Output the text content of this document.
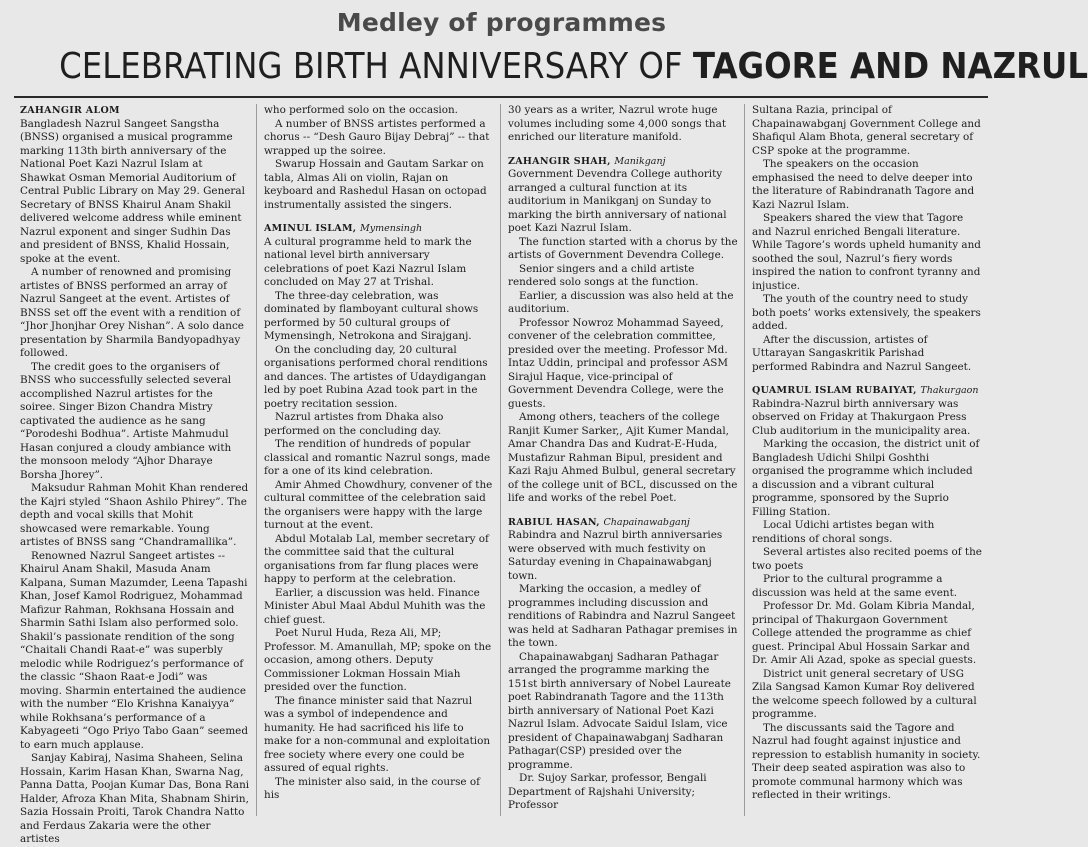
Medley of programmes
CELEBRATING BIRTH ANNIVERSARY OF TAGORE AND NAZRUL

ZAHANGIR ALOM

Bangladesh Nazrul Sangeet Sangstha (BNSS) organised a musical programme marking 113th birth anniversary of the National Poet Kazi Nazrul Islam at Shawkat Osman Memorial Auditorium of Central Public Library on May 29. General Secretary of BNSS Khairul Anam Shakil delivered welcome address while eminent Nazrul exponent and singer Sudhin Das and president of BNSS, Khalid Hossain, spoke at the event.

A number of renowned and promising artistes of BNSS performed an array of Nazrul Sangeet at the event. Artistes of BNSS set off the event with a rendition of “Jhor Jhonjhar Orey Nishan”. A solo dance presentation by Sharmila Bandyopadhyay followed.

The credit goes to the organisers of BNSS who successfully selected several accomplished Nazrul artistes for the soiree. Singer Bizon Chandra Mistry captivated the audience as he sang “Porodeshi Bodhua”. Artiste Mahmudul Hasan conjured a cloudy ambiance with the monsoon melody “Ajhor Dharaye Borsha Jhorey”.

Maksudur Rahman Mohit Khan rendered the Kajri styled “Shaon Ashilo Phirey”. The depth and vocal skills that Mohit showcased were remarkable. Young artistes of BNSS sang “Chandramallika”.

Renowned Nazrul Sangeet artistes -- Khairul Anam Shakil, Masuda Anam Kalpana, Suman Mazumder, Leena Tapashi Khan, Josef Kamol Rodriguez, Mohammad Mafizur Rahman, Rokhsana Hossain and Sharmin Sathi Islam also performed solo. Shakil’s passionate rendition of the song “Chaitali Chandi Raat-e” was superbly melodic while Rodriguez’s performance of the classic “Shaon Raat-e Jodi” was moving. Sharmin entertained the audience with the number “Elo Krishna Kanaiyya” while Rokhsana’s performance of a Kabyageeti “Ogo Priyo Tabo Gaan” seemed to earn much applause.

Sanjay Kabiraj, Nasima Shaheen, Selina Hossain, Karim Hasan Khan, Swarna Nag, Panna Datta, Poojan Kumar Das, Bona Rani Halder, Afroza Khan Mita, Shabnam Shirin, Sazia Hossain Proiti, Tarok Chandra Natto and Ferdaus Zakaria were the other artistes

who performed solo on the occasion.

A number of BNSS artistes performed a chorus -- “Desh Gauro Bijay Debraj” -- that wrapped up the soiree.

Swarup Hossain and Gautam Sarkar on tabla, Almas Ali on violin, Rajan on keyboard and Rashedul Hasan on octopad instrumentally assisted the singers.

AMINUL ISLAM, Mymensingh

A cultural programme held to mark the national level birth anniversary celebrations of poet Kazi Nazrul Islam concluded on May 27 at Trishal.

The three-day celebration, was dominated by flamboyant cultural shows performed by 50 cultural groups of Mymensingh, Netrokona and Sirajganj.

On the concluding day, 20 cultural organisations performed choral renditions and dances. The artistes of Udaydigangan led by poet Rubina Azad took part in the poetry recitation session.

Nazrul artistes from Dhaka also performed on the concluding day.

The rendition of hundreds of popular classical and romantic Nazrul songs, made for a one of its kind celebration.

Amir Ahmed Chowdhury, convener of the cultural committee of the celebration said the organisers were happy with the large turnout at the event.

Abdul Motalab Lal, member secretary of the committee said that the cultural organisations from far flung places were happy to perform at the celebration.

Earlier, a discussion was held. Finance Minister Abul Maal Abdul Muhith was the chief guest.

Poet Nurul Huda, Reza Ali, MP; Professor. M. Amanullah, MP; spoke on the occasion, among others. Deputy Commissioner Lokman Hossain Miah presided over the function.

The finance minister said that Nazrul was a symbol of independence and humanity. He had sacrificed his life to make for a non-communal and exploitation free society where every one could be assured of equal rights.

The minister also said, in the course of his

30 years as a writer, Nazrul wrote huge volumes including some 4,000 songs that enriched our literature manifold.

ZAHANGIR SHAH, Manikganj

Government Devendra College authority arranged a cultural function at its auditorium in Manikganj on Sunday to marking the birth anniversary of national poet Kazi Nazrul Islam.

The function started with a chorus by the artists of Government Devendra College.

Senior singers and a child artiste rendered solo songs at the function.

Earlier, a discussion was also held at the auditorium.

Professor Nowroz Mohammad Sayeed, convener of the celebration committee, presided over the meeting. Professor Md. Intaz Uddin, principal and professor ASM Sirajul Haque, vice-principal of Government Devendra College, were the guests.

Among others, teachers of the college Ranjit Kumer Sarker,, Ajit Kumer Mandal, Amar Chandra Das and Kudrat-E-Huda, Mustafizur Rahman Bipul, president and Kazi Raju Ahmed Bulbul, general secretary of the college unit of BCL, discussed on the life and works of the rebel Poet.

RABIUL HASAN, Chapainawabganj

Rabindra and Nazrul birth anniversaries were observed with much festivity on Saturday evening in Chapainawabganj town.

Marking the occasion, a medley of programmes including discussion and renditions of Rabindra and Nazrul Sangeet was held at Sadharan Pathagar premises in the town.

Chapainawabganj Sadharan Pathagar arranged the programme marking the 151st birth anniversary of Nobel Laureate poet Rabindranath Tagore and the 113th birth anniversary of National Poet Kazi Nazrul Islam. Advocate Saidul Islam, vice president of Chapainawabganj Sadharan Pathagar(CSP) presided over the programme.

Dr. Sujoy Sarkar, professor, Bengali Department of Rajshahi University; Professor

Sultana Razia, principal of Chapainawabganj Government College and Shafiqul Alam Bhota, general secretary of CSP spoke at the programme.

The speakers on the occasion emphasised the need to delve deeper into the literature of Rabindranath Tagore and Kazi Nazrul Islam.

Speakers shared the view that Tagore and Nazrul enriched Bengali literature. While Tagore’s words upheld humanity and soothed the soul, Nazrul’s fiery words inspired the nation to confront tyranny and injustice.

The youth of the country need to study both poets’ works extensively, the speakers added.

After the discussion, artistes of Uttarayan Sangaskritik Parishad performed Rabindra and Nazrul Sangeet.

QUAMRUL ISLAM RUBAIYAT, Thakurgaon

Rabindra-Nazrul birth anniversary was observed on Friday at Thakurgaon Press Club auditorium in the municipality area.

Marking the occasion, the district unit of Bangladesh Udichi Shilpi Goshthi organised the programme which included a discussion and a vibrant cultural programme, sponsored by the Suprio Filling Station.

Local Udichi artistes began with renditions of choral songs.

Several artistes also recited poems of the two poets

Prior to the cultural programme a discussion was held at the same event.

Professor Dr. Md. Golam Kibria Mandal, principal of Thakurgaon Government College attended the programme as chief guest. Principal Abul Hossain Sarkar and Dr. Amir Ali Azad, spoke as special guests.

District unit general secretary of USG Zila Sangsad Kamon Kumar Roy delivered the welcome speech followed by a cultural programme.

The discussants said the Tagore and Nazrul had fought against injustice and repression to establish humanity in society. Their deep seated aspiration was also to promote communal harmony which was reflected in their writings.
